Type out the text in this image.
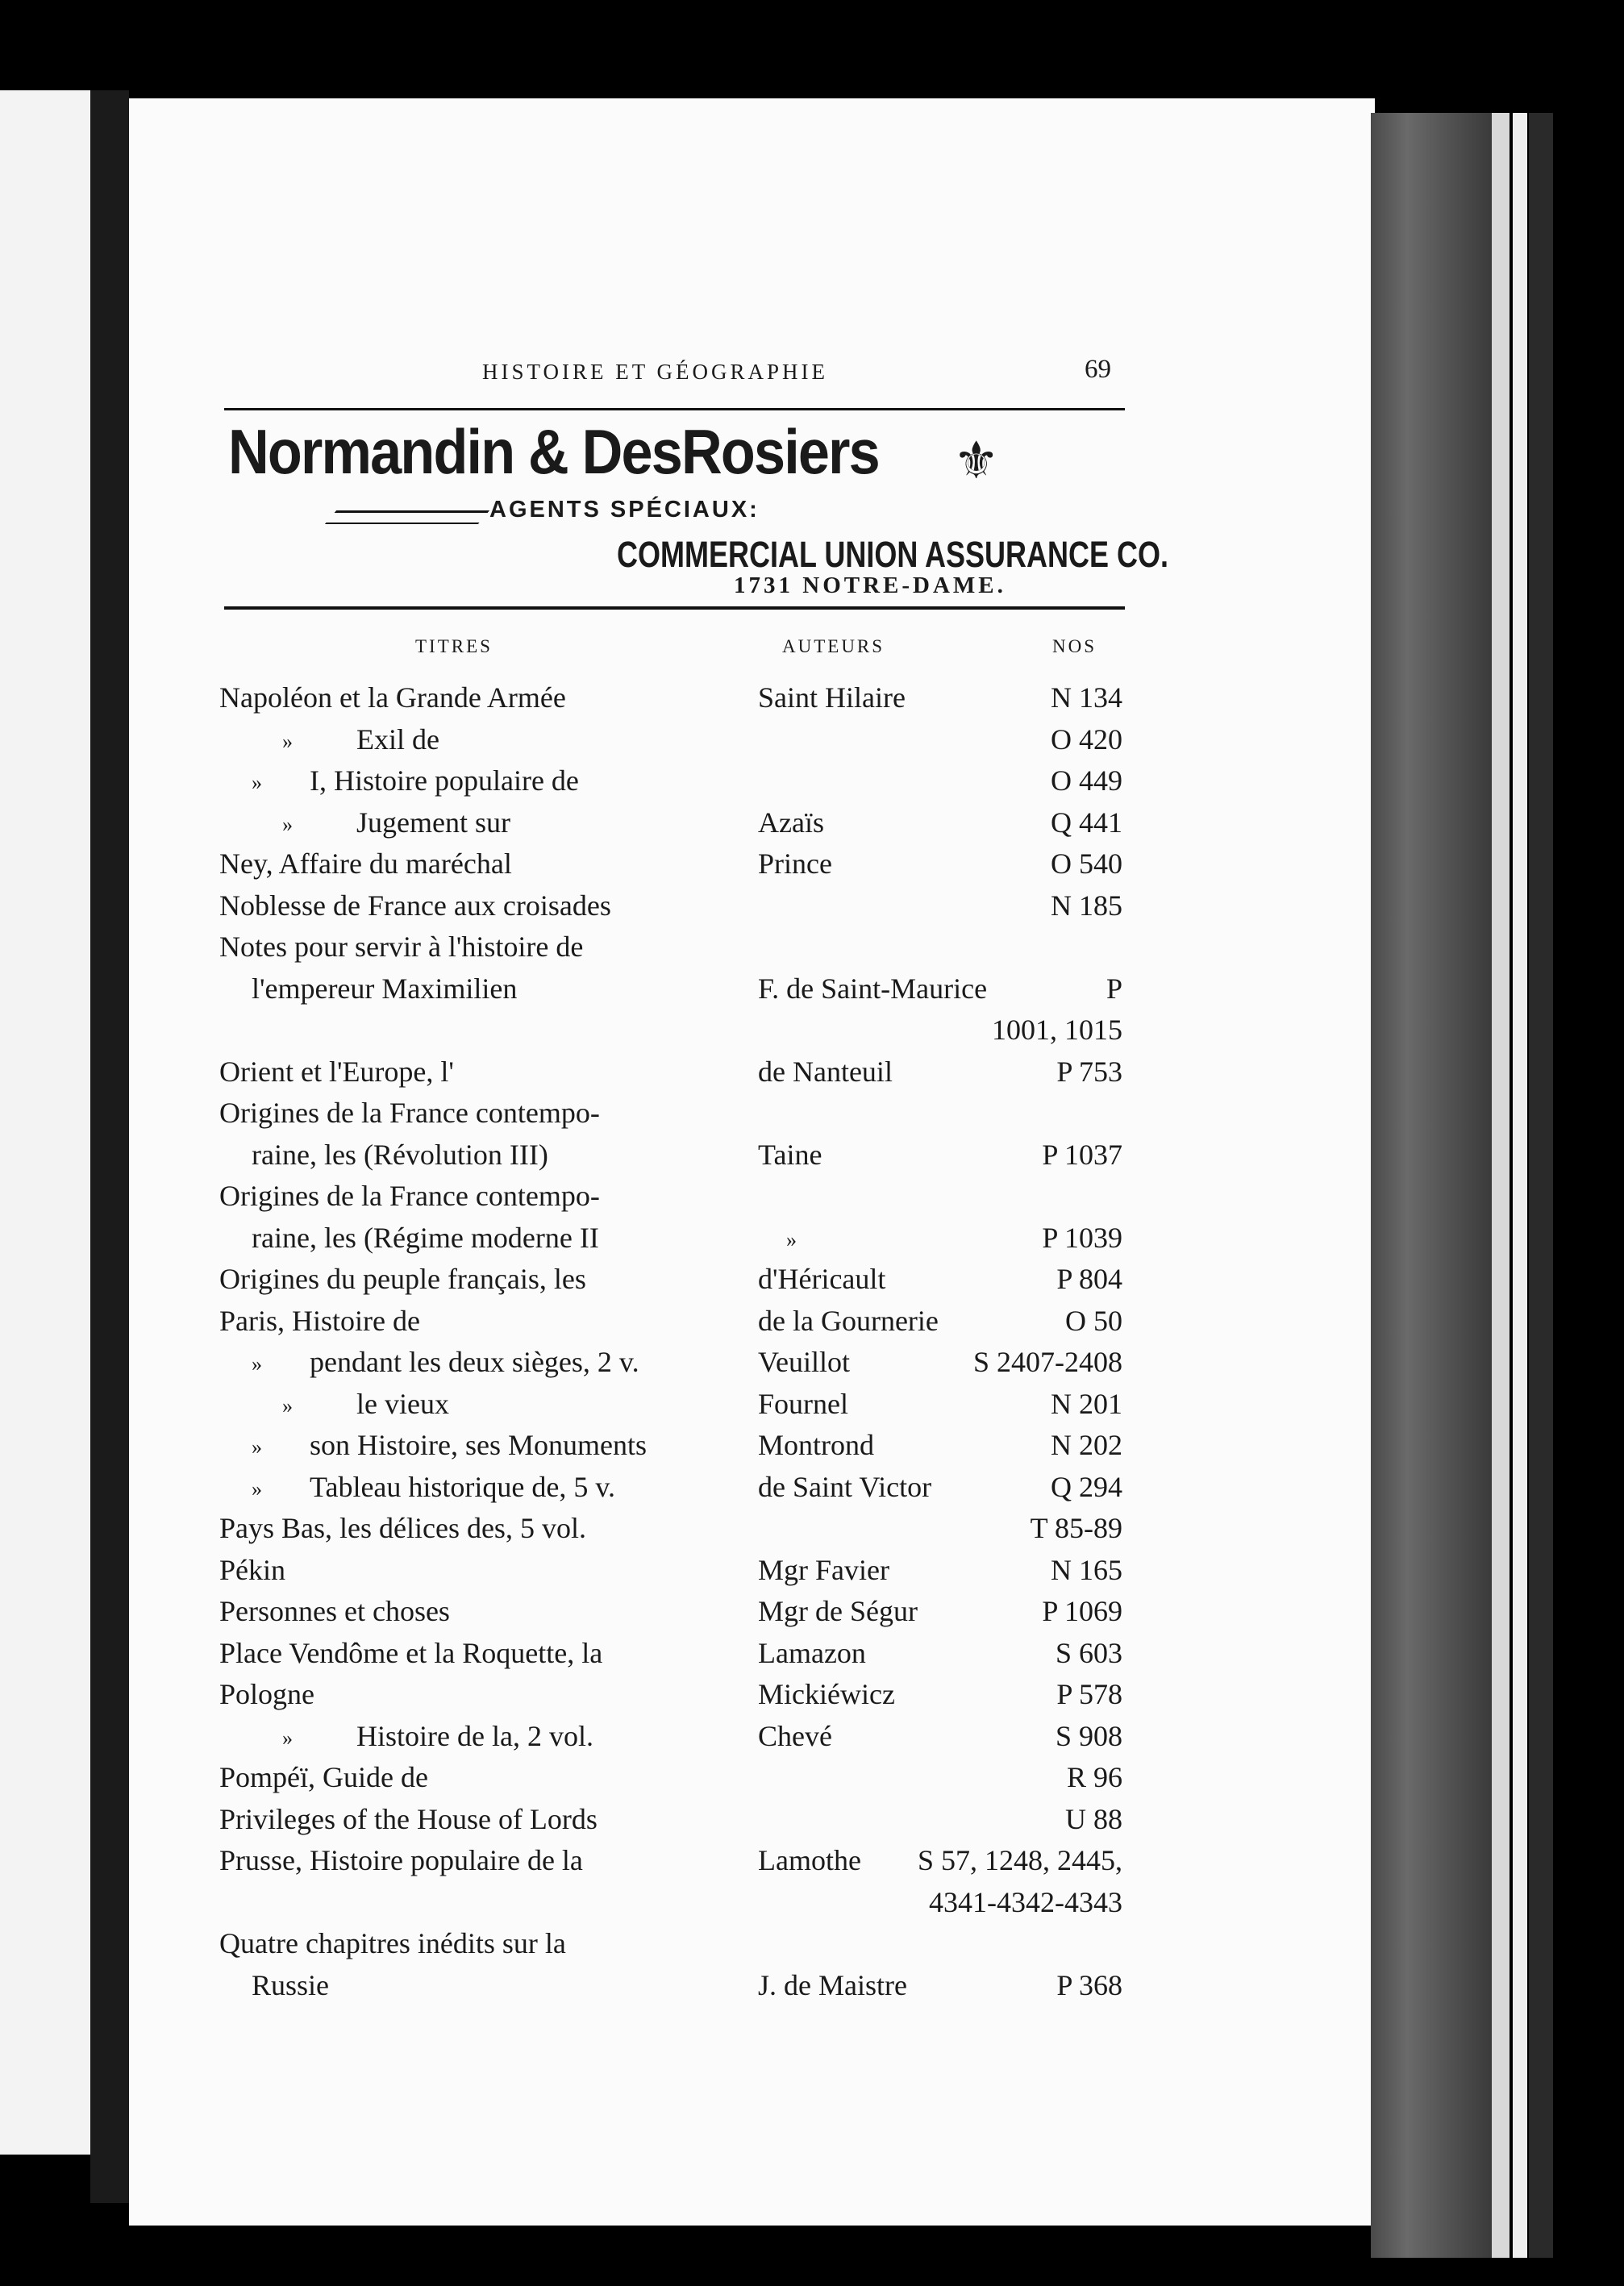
HISTOIRE ET GÉOGRAPHIE	69
Normandin & DesRosiers ⚜
AGENTS SPÉCIAUX:
COMMERCIAL UNION ASSURANCE CO.
1731 NOTRE-DAME.
TITRES	AUTEURS	NOS
Napoléon et la Grande Armée	Saint Hilaire	N 134
» Exil de	O 420
» I, Histoire populaire de	O 449
» Jugement sur	Azaïs	Q 441
Ney, Affaire du maréchal	Prince	O 540
Noblesse de France aux croisades	N 185
Notes pour servir à l'histoire de
l'empereur Maximilien	F. de Saint-Maurice	P
1001, 1015
Orient et l'Europe, l'	de Nanteuil	P 753
Origines de la France contempo-
raine, les (Révolution III)	Taine	P 1037
Origines de la France contempo-
raine, les (Régime moderne II	»	P 1039
Origines du peuple français, les	d'Héricault	P 804
Paris, Histoire de	de la Gournerie	O 50
» pendant les deux sièges, 2 v.	Veuillot	S 2407-2408
» le vieux	Fournel	N 201
» son Histoire, ses Monuments	Montrond	N 202
» Tableau historique de, 5 v.	de Saint Victor	Q 294
Pays Bas, les délices des, 5 vol.	T 85-89
Pékin	Mgr Favier	N 165
Personnes et choses	Mgr de Ségur	P 1069
Place Vendôme et la Roquette, la	Lamazon	S 603
Pologne	Mickiéwicz	P 578
» Histoire de la, 2 vol.	Chevé	S 908
Pompéï, Guide de	R 96
Privileges of the House of Lords	U 88
Prusse, Histoire populaire de la	Lamothe S 57, 1248, 2445,
4341-4342-4343
Quatre chapitres inédits sur la
Russie	J. de Maistre	P 368
